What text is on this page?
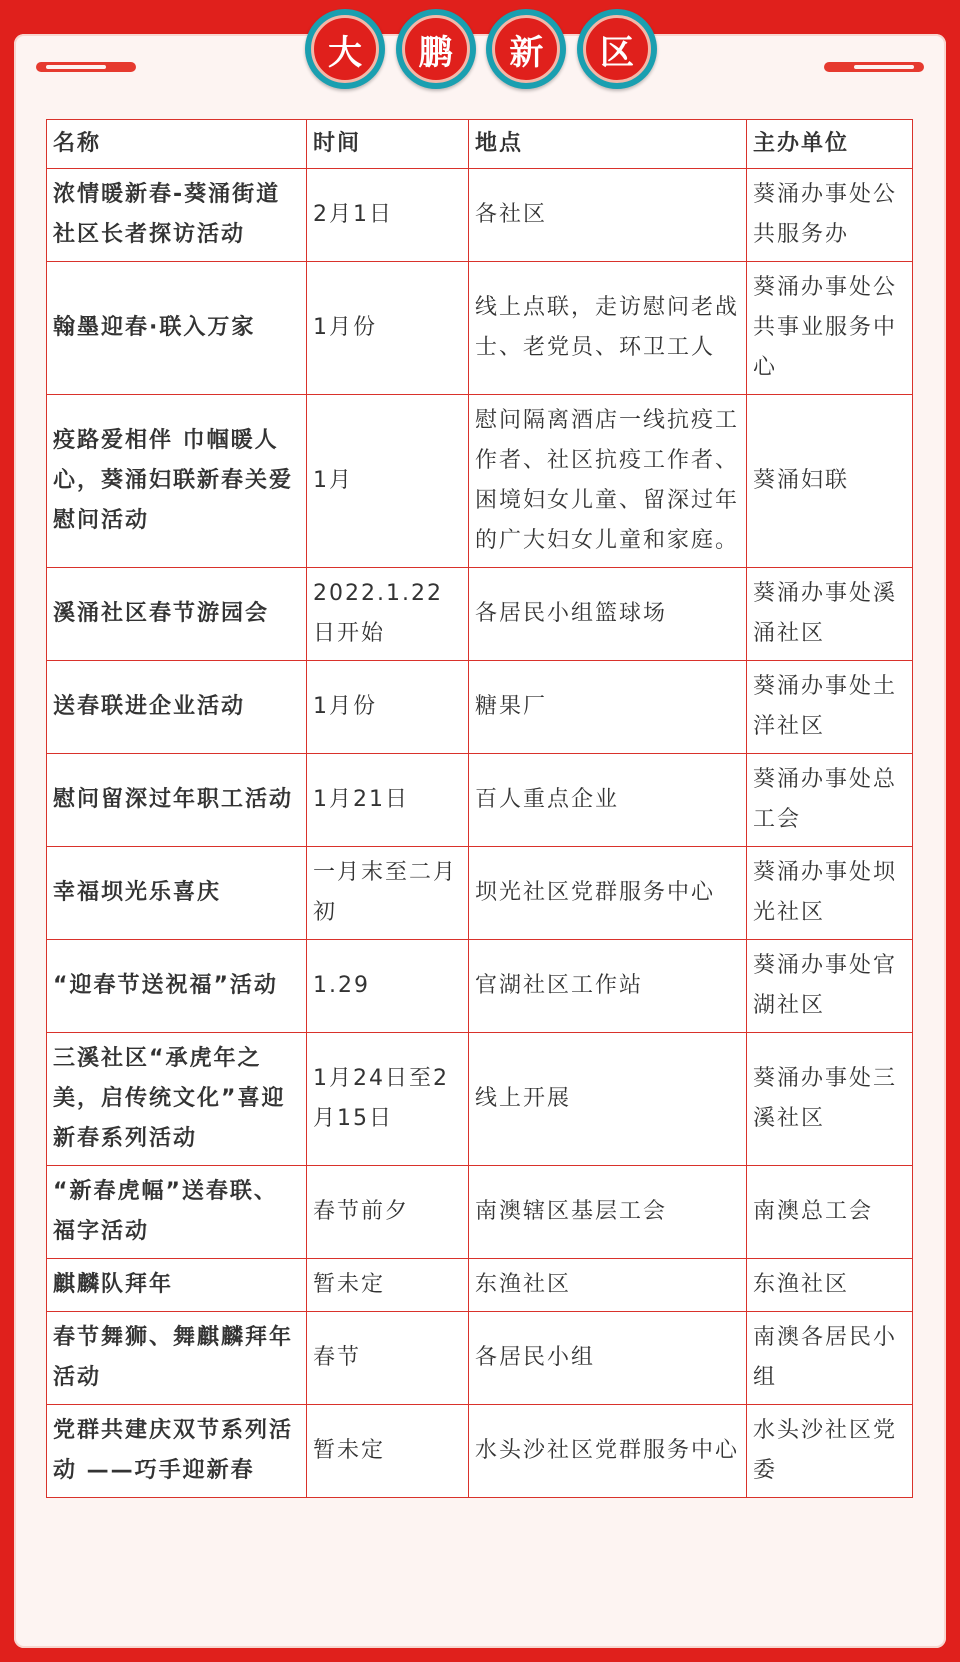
大	鹏	新	区
名称	时间	地点	主办单位
浓情暖新春-葵涌街道社区长者探访活动	2月1日	各社区	葵涌办事处公共服务办
翰墨迎春·联入万家	1月份	线上点联，走访慰问老战士、老党员、环卫工人	葵涌办事处公共事业服务中心
疫路爱相伴 巾帼暖人心，葵涌妇联新春关爱慰问活动	1月	慰问隔离酒店一线抗疫工作者、社区抗疫工作者、困境妇女儿童、留深过年的广大妇女儿童和家庭。	葵涌妇联
溪涌社区春节游园会	2022.1.22 日开始	各居民小组篮球场	葵涌办事处溪涌社区
送春联进企业活动	1月份	糖果厂	葵涌办事处土洋社区
慰问留深过年职工活动	1月21日	百人重点企业	葵涌办事处总工会
幸福坝光乐喜庆	一月末至二月初	坝光社区党群服务中心	葵涌办事处坝光社区
“迎春节送祝福”活动	1.29	官湖社区工作站	葵涌办事处官湖社区
三溪社区“承虎年之美，启传统文化”喜迎新春系列活动	1月24日至2月15日	线上开展	葵涌办事处三溪社区
“新春虎幅”送春联、福字活动	春节前夕	南澳辖区基层工会	南澳总工会
麒麟队拜年	暂未定	东渔社区	东渔社区
春节舞狮、舞麒麟拜年活动	春节	各居民小组	南澳各居民小组
党群共建庆双节系列活动 ——巧手迎新春	暂未定	水头沙社区党群服务中心	水头沙社区党委
